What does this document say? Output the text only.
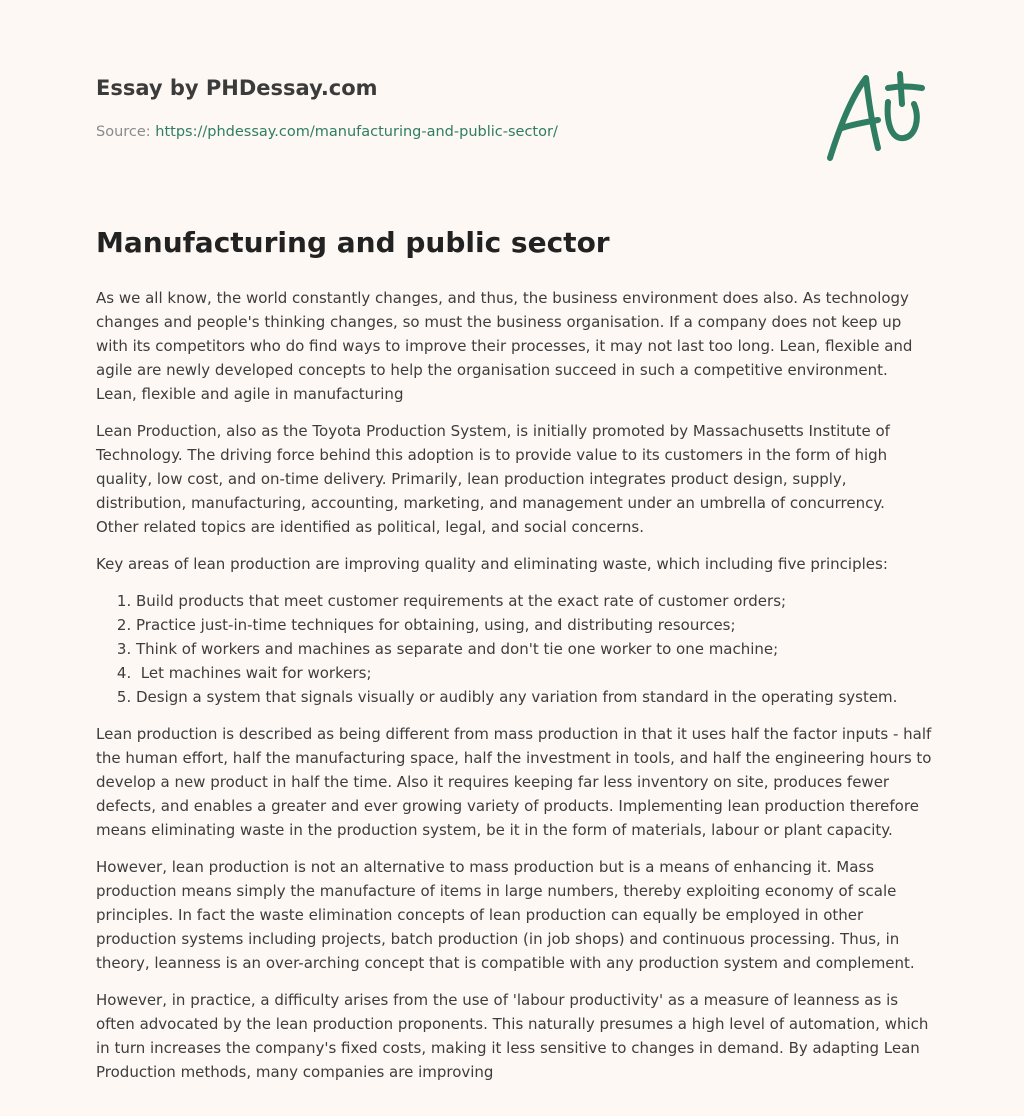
Essay by PHDessay.com
Source: https://phdessay.com/manufacturing-and-public-sector/
Manufacturing and public sector

As we all know, the world constantly changes, and thus, the business environment does also. As technology changes and people's thinking changes, so must the business organisation. If a company does not keep up with its competitors who do find ways to improve their processes, it may not last too long. Lean, flexible and agile are newly developed concepts to help the organisation succeed in such a competitive environment. Lean, flexible and agile in manufacturing

Lean Production, also as the Toyota Production System, is initially promoted by Massachusetts Institute of Technology. The driving force behind this adoption is to provide value to its customers in the form of high quality, low cost, and on-time delivery. Primarily, lean production integrates product design, supply, distribution, manufacturing, accounting, marketing, and management under an umbrella of concurrency. Other related topics are identified as political, legal, and social concerns.

Key areas of lean production are improving quality and eliminating waste, which including five principles:

1. Build products that meet customer requirements at the exact rate of customer orders;
2. Practice just-in-time techniques for obtaining, using, and distributing resources;
3. Think of workers and machines as separate and don't tie one worker to one machine;
4.  Let machines wait for workers;
5. Design a system that signals visually or audibly any variation from standard in the operating system.

Lean production is described as being different from mass production in that it uses half the factor inputs - half the human effort, half the manufacturing space, half the investment in tools, and half the engineering hours to develop a new product in half the time. Also it requires keeping far less inventory on site, produces fewer defects, and enables a greater and ever growing variety of products. Implementing lean production therefore means eliminating waste in the production system, be it in the form of materials, labour or plant capacity.

However, lean production is not an alternative to mass production but is a means of enhancing it. Mass production means simply the manufacture of items in large numbers, thereby exploiting economy of scale principles. In fact the waste elimination concepts of lean production can equally be employed in other production systems including projects, batch production (in job shops) and continuous processing. Thus, in theory, leanness is an over-arching concept that is compatible with any production system and complement.

However, in practice, a difficulty arises from the use of 'labour productivity' as a measure of leanness as is often advocated by the lean production proponents. This naturally presumes a high level of automation, which in turn increases the company's fixed costs, making it less sensitive to changes in demand. By adapting Lean Production methods, many companies are improving
